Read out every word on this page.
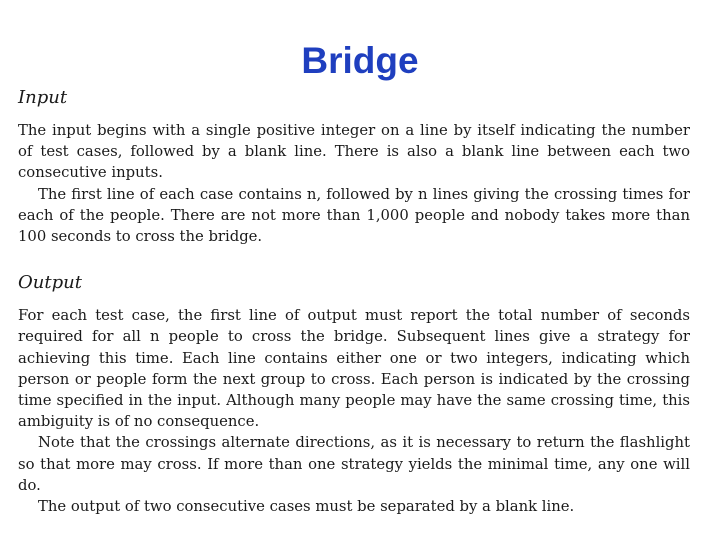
Bridge
Input

The input begins with a single positive integer on a line by itself indicating the number of test cases, followed by a blank line. There is also a blank line between each two consecutive inputs.

The first line of each case contains n, followed by n lines giving the crossing times for each of the people. There are not more than 1,000 people and nobody takes more than 100 seconds to cross the bridge.

Output

For each test case, the first line of output must report the total number of seconds required for all n people to cross the bridge. Subsequent lines give a strategy for achieving this time. Each line contains either one or two integers, indicating which person or people form the next group to cross. Each person is indicated by the crossing time specified in the input. Although many people may have the same crossing time, this ambiguity is of no consequence.

Note that the crossings alternate directions, as it is necessary to return the flashlight so that more may cross. If more than one strategy yields the minimal time, any one will do.

The output of two consecutive cases must be separated by a blank line.
